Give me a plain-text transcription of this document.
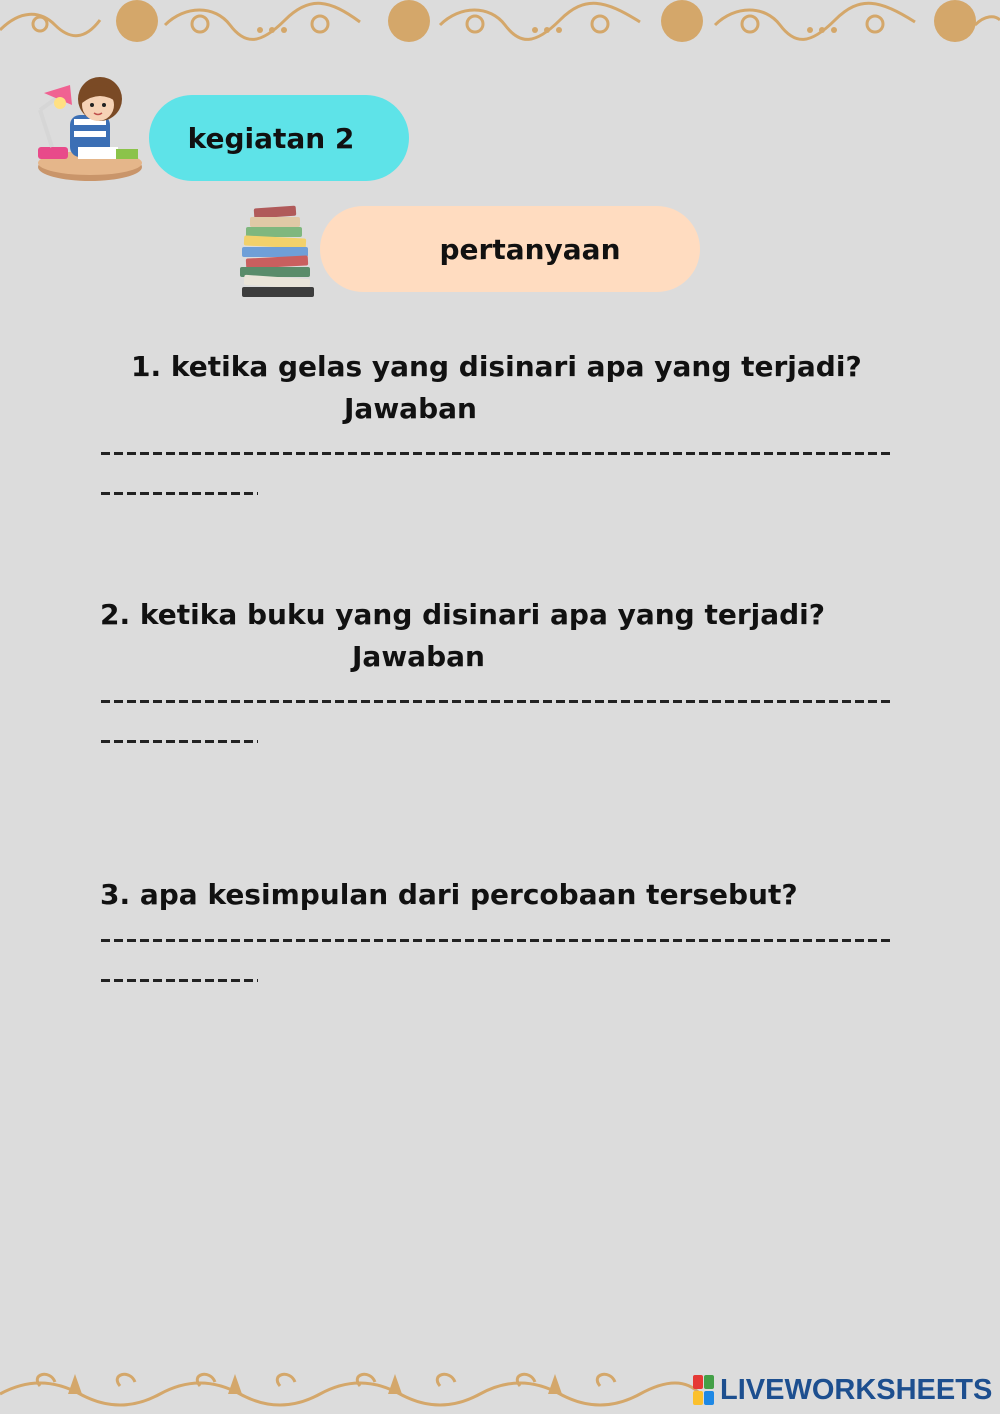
kegiatan 2
pertanyaan
1. ketika gelas yang disinari apa yang terjadi?
Jawaban
2. ketika buku yang disinari apa yang terjadi?
Jawaban
3. apa kesimpulan dari percobaan tersebut?
LIVEWORKSHEETS
